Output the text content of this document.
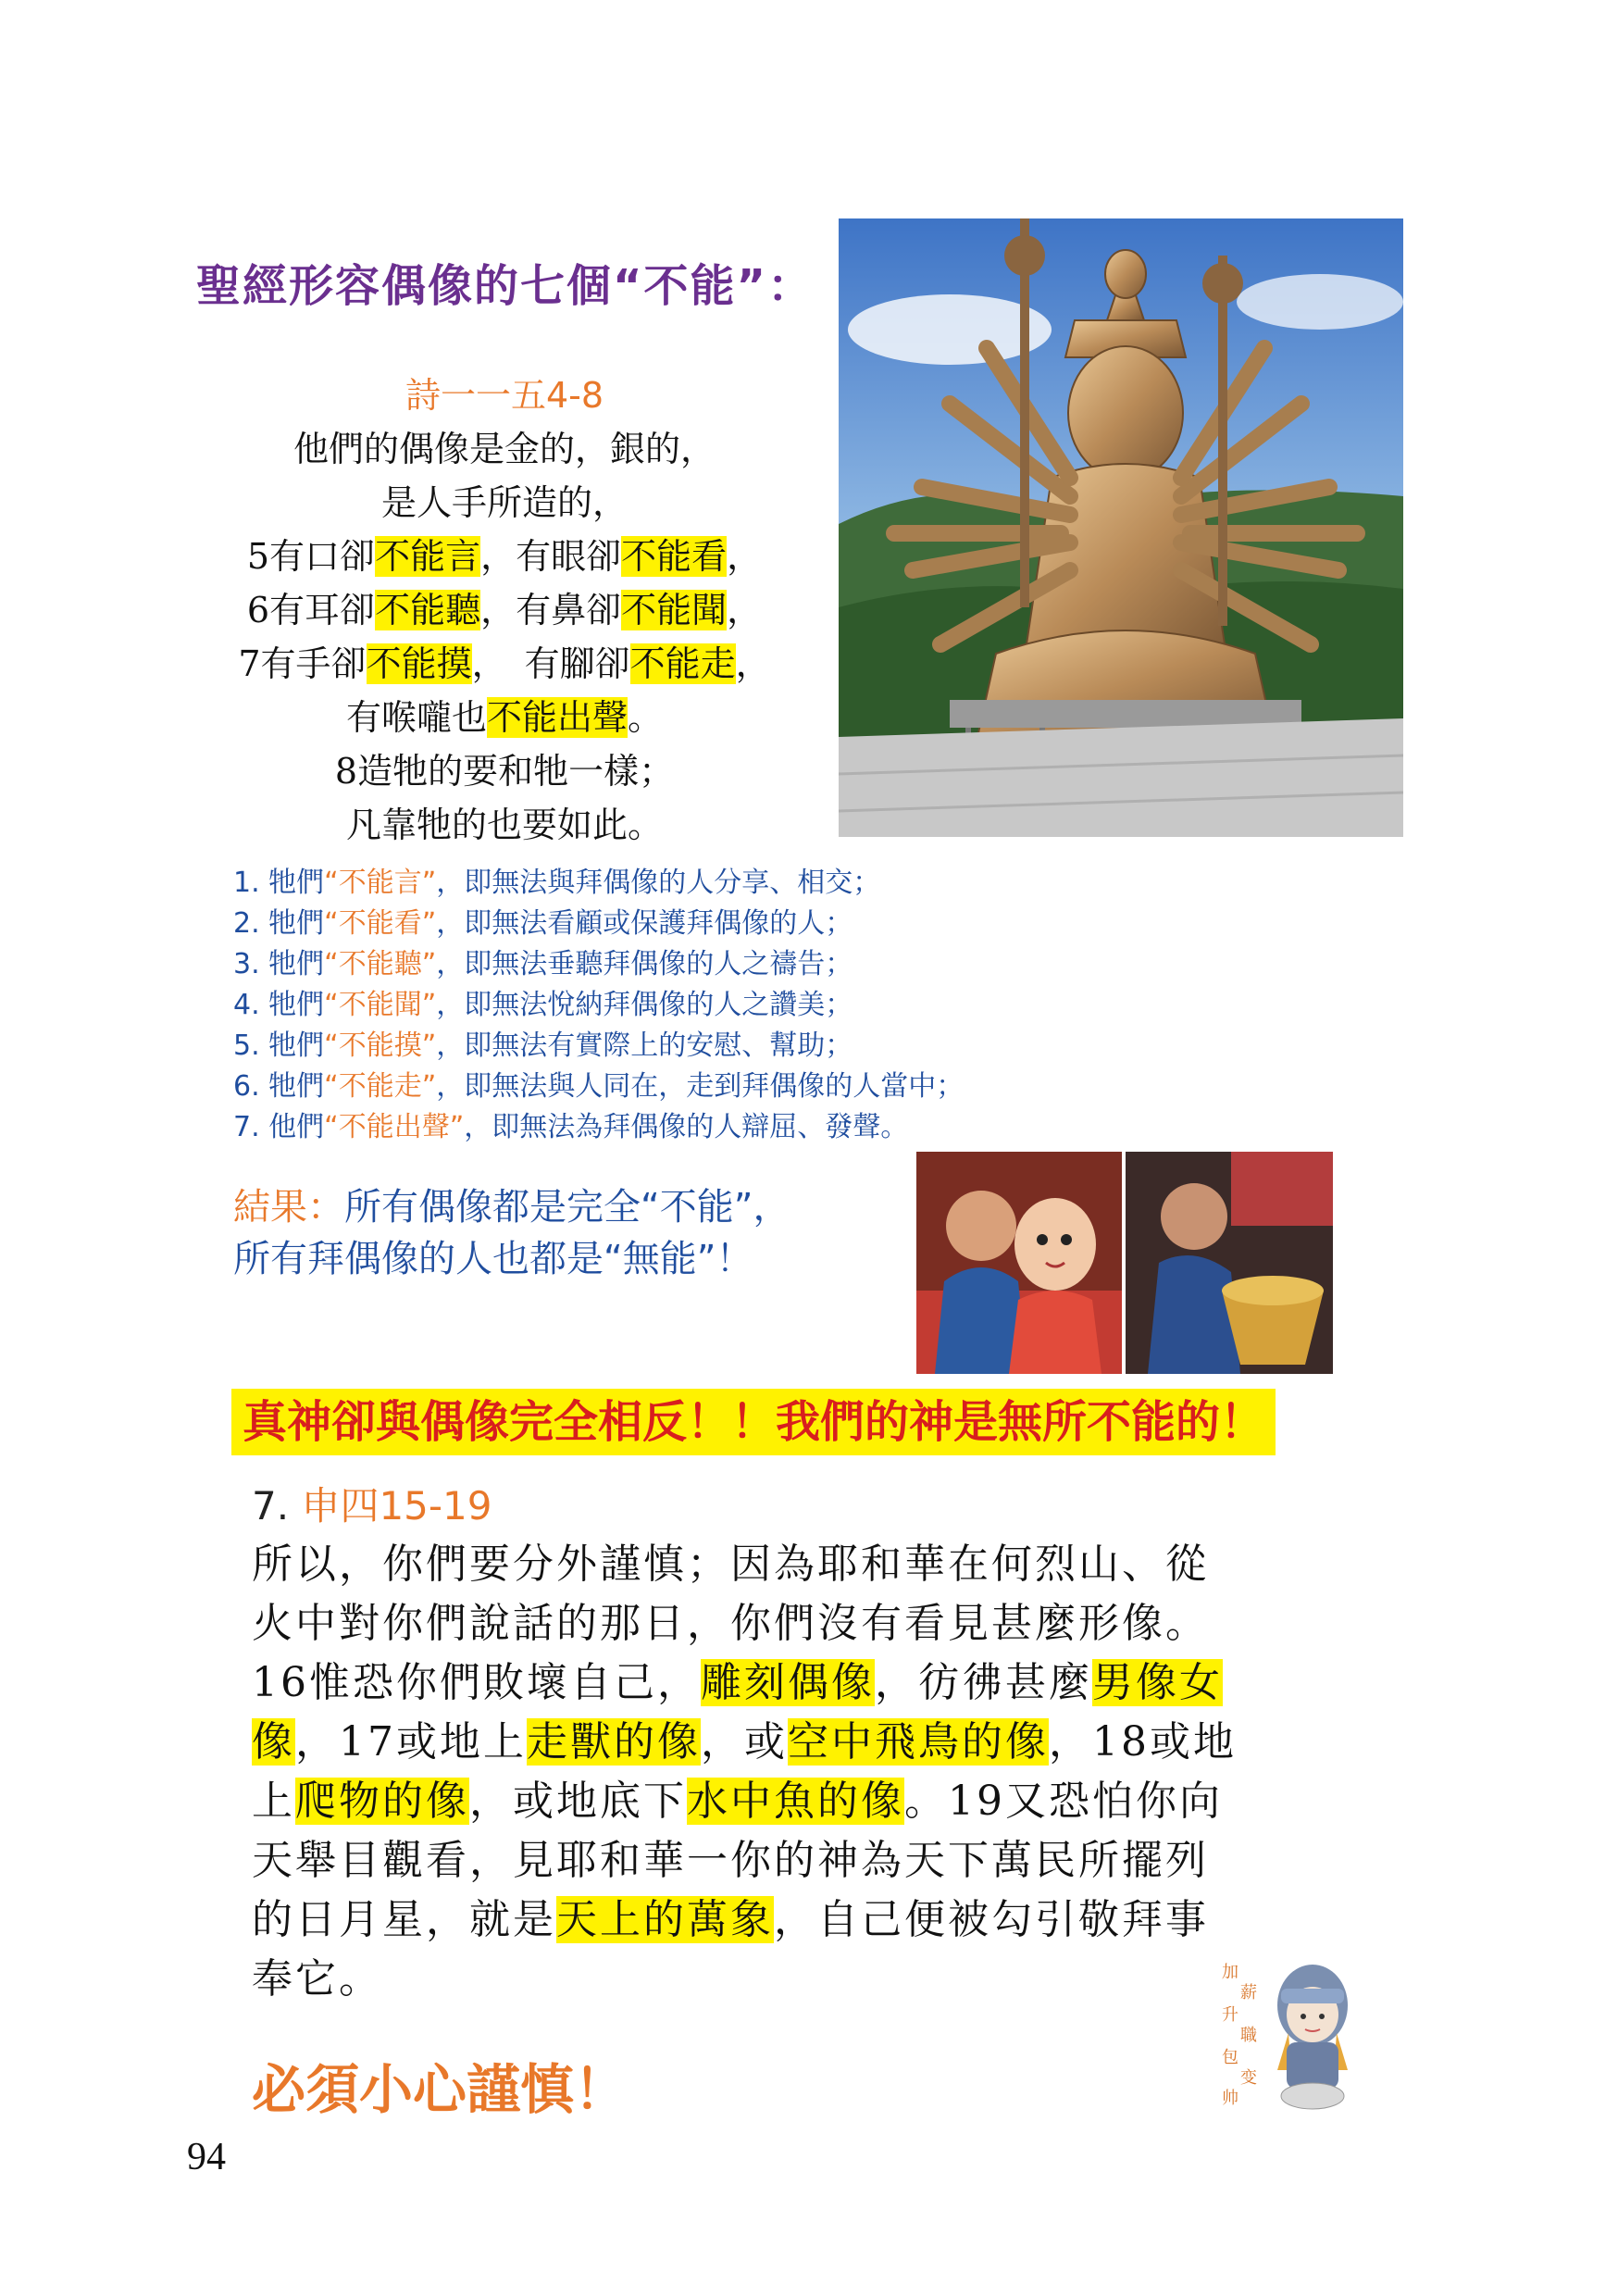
聖經形容偶像的七個“不能”：
詩一一五4-8
他們的偶像是金的，銀的，
是人手所造的，
5有口卻不能言，有眼卻不能看，
6有耳卻不能聽，有鼻卻不能聞，
7有手卻不能摸，　有腳卻不能走，
有喉嚨也不能出聲。
8造牠的要和牠一樣；
凡靠牠的也要如此。
1. 牠們“不能言”，即無法與拜偶像的人分享、相交；
2. 牠們“不能看”，即無法看顧或保護拜偶像的人；
3. 牠們“不能聽”，即無法垂聽拜偶像的人之禱告；
4. 牠們“不能聞”，即無法悅納拜偶像的人之讚美；
5. 牠們“不能摸”，即無法有實際上的安慰、幫助；
6. 牠們“不能走”，即無法與人同在，走到拜偶像的人當中；
7. 他們“不能出聲”，即無法為拜偶像的人辯屈、發聲。
結果：所有偶像都是完全“不能”，
所有拜偶像的人也都是“無能”！
真神卻與偶像完全相反！！我們的神是無所不能的！
7. 申四15-19
所以，你們要分外謹慎；因為耶和華在何烈山、從
火中對你們說話的那日，你們沒有看見甚麼形像。
16惟恐你們敗壞自己，雕刻偶像，彷彿甚麼男像女
像，17或地上走獸的像，或空中飛鳥的像，18或地
上爬物的像，或地底下水中魚的像。19又恐怕你向
天舉目觀看，見耶和華一你的神為天下萬民所擺列
的日月星，就是天上的萬象，自己便被勾引敬拜事
奉它。
必須小心謹慎！
加
薪
升
職
包
变
帅
94
